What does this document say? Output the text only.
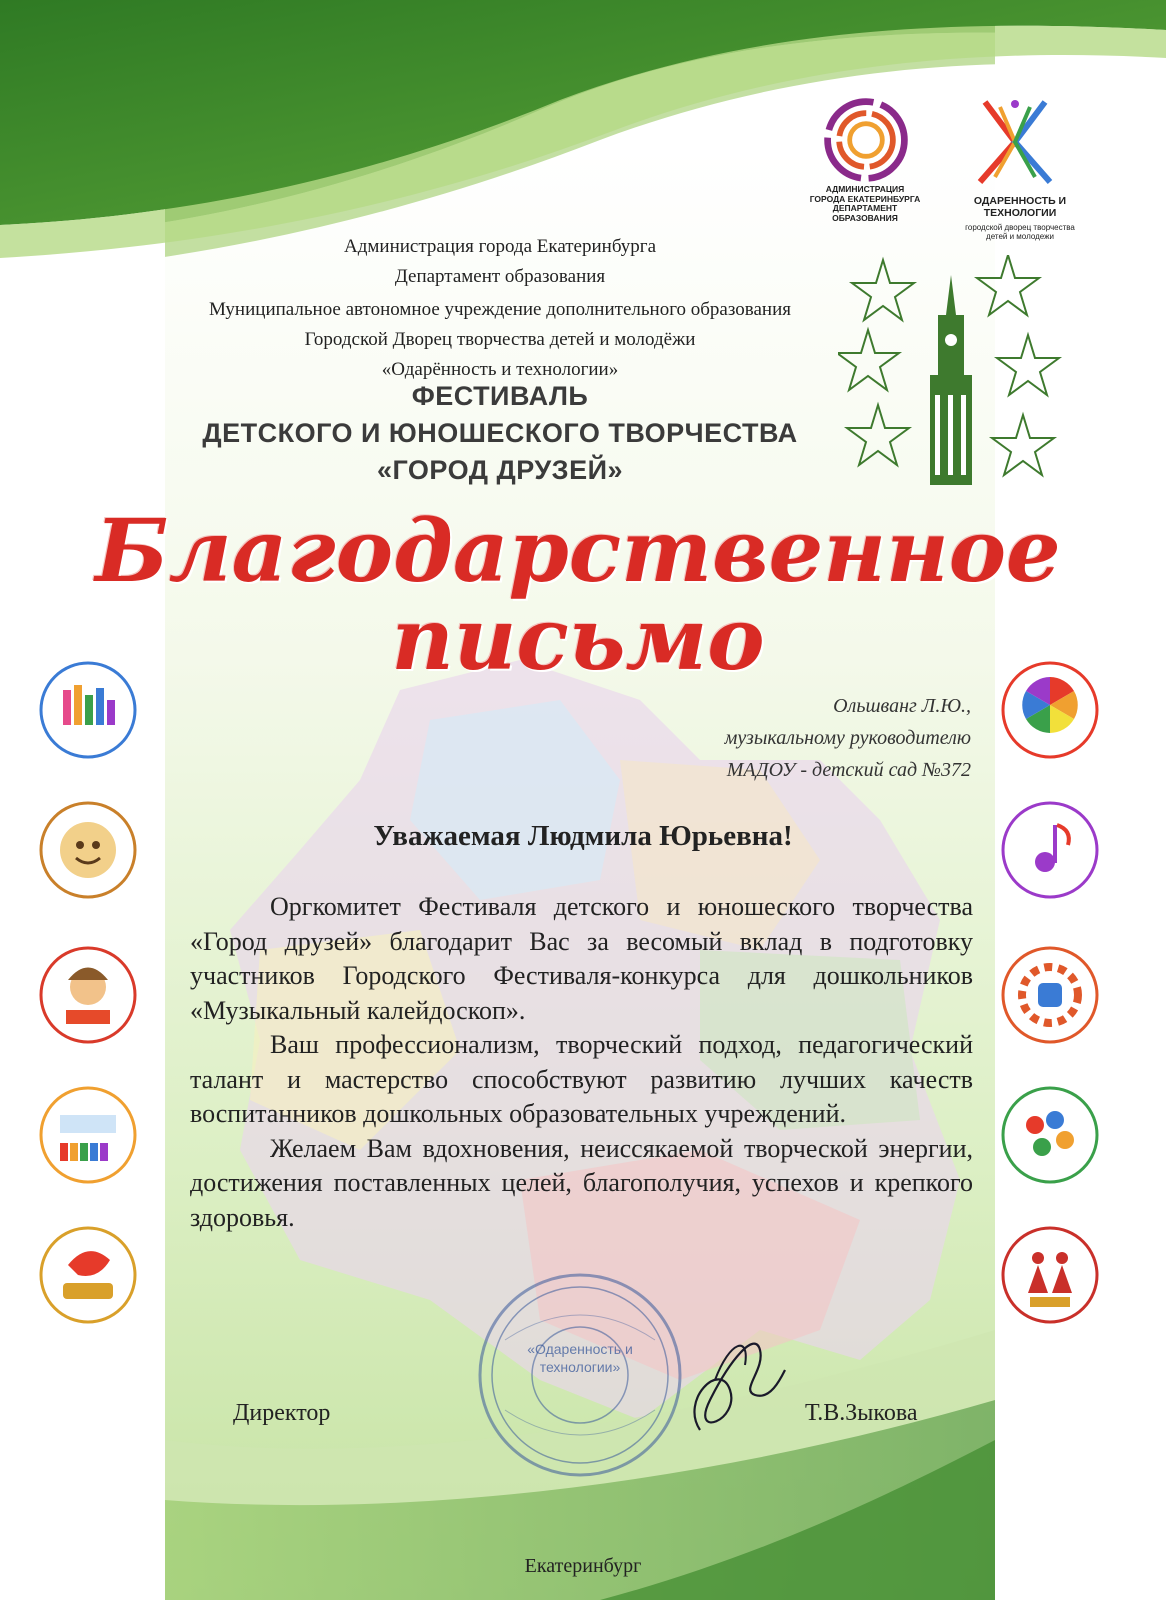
АДМИНИСТРАЦИЯ
ГОРОДА ЕКАТЕРИНБУРГА
ДЕПАРТАМЕНТ
ОБРАЗОВАНИЯ
ОДАРЕННОСТЬ И ТЕХНОЛОГИИ
городской дворец творчества
детей и молодежи
Администрация города Екатеринбурга
Департамент образования
Муниципальное автономное учреждение дополнительного образования
Городской Дворец творчества детей и молодёжи
«Одарённость и технологии»
ФЕСТИВАЛЬ
ДЕТСКОГО И ЮНОШЕСКОГО ТВОРЧЕСТВА
«ГОРОД ДРУЗЕЙ»
Благодарственное
письмо
Ольшванг Л.Ю.,
музыкальному руководителю
МАДОУ - детский сад №372
Уважаемая Людмила Юрьевна!

Оргкомитет Фестиваля детского и юношеского творчества «Город друзей» благодарит Вас за весомый вклад в подготовку участников Городского Фестиваля-конкурса для дошкольников «Музыкальный калейдоскоп».

Ваш профессионализм, творческий подход, педагогический талант и мастерство способствуют развитию лучших качеств воспитанников дошкольных образовательных учреждений.

Желаем Вам вдохновения, неиссякаемой творческой энергии, достижения поставленных целей, благополучия, успехов и крепкого здоровья.

«Одаренность и технологии»
Директор	Т.В.Зыкова
Екатеринбург
